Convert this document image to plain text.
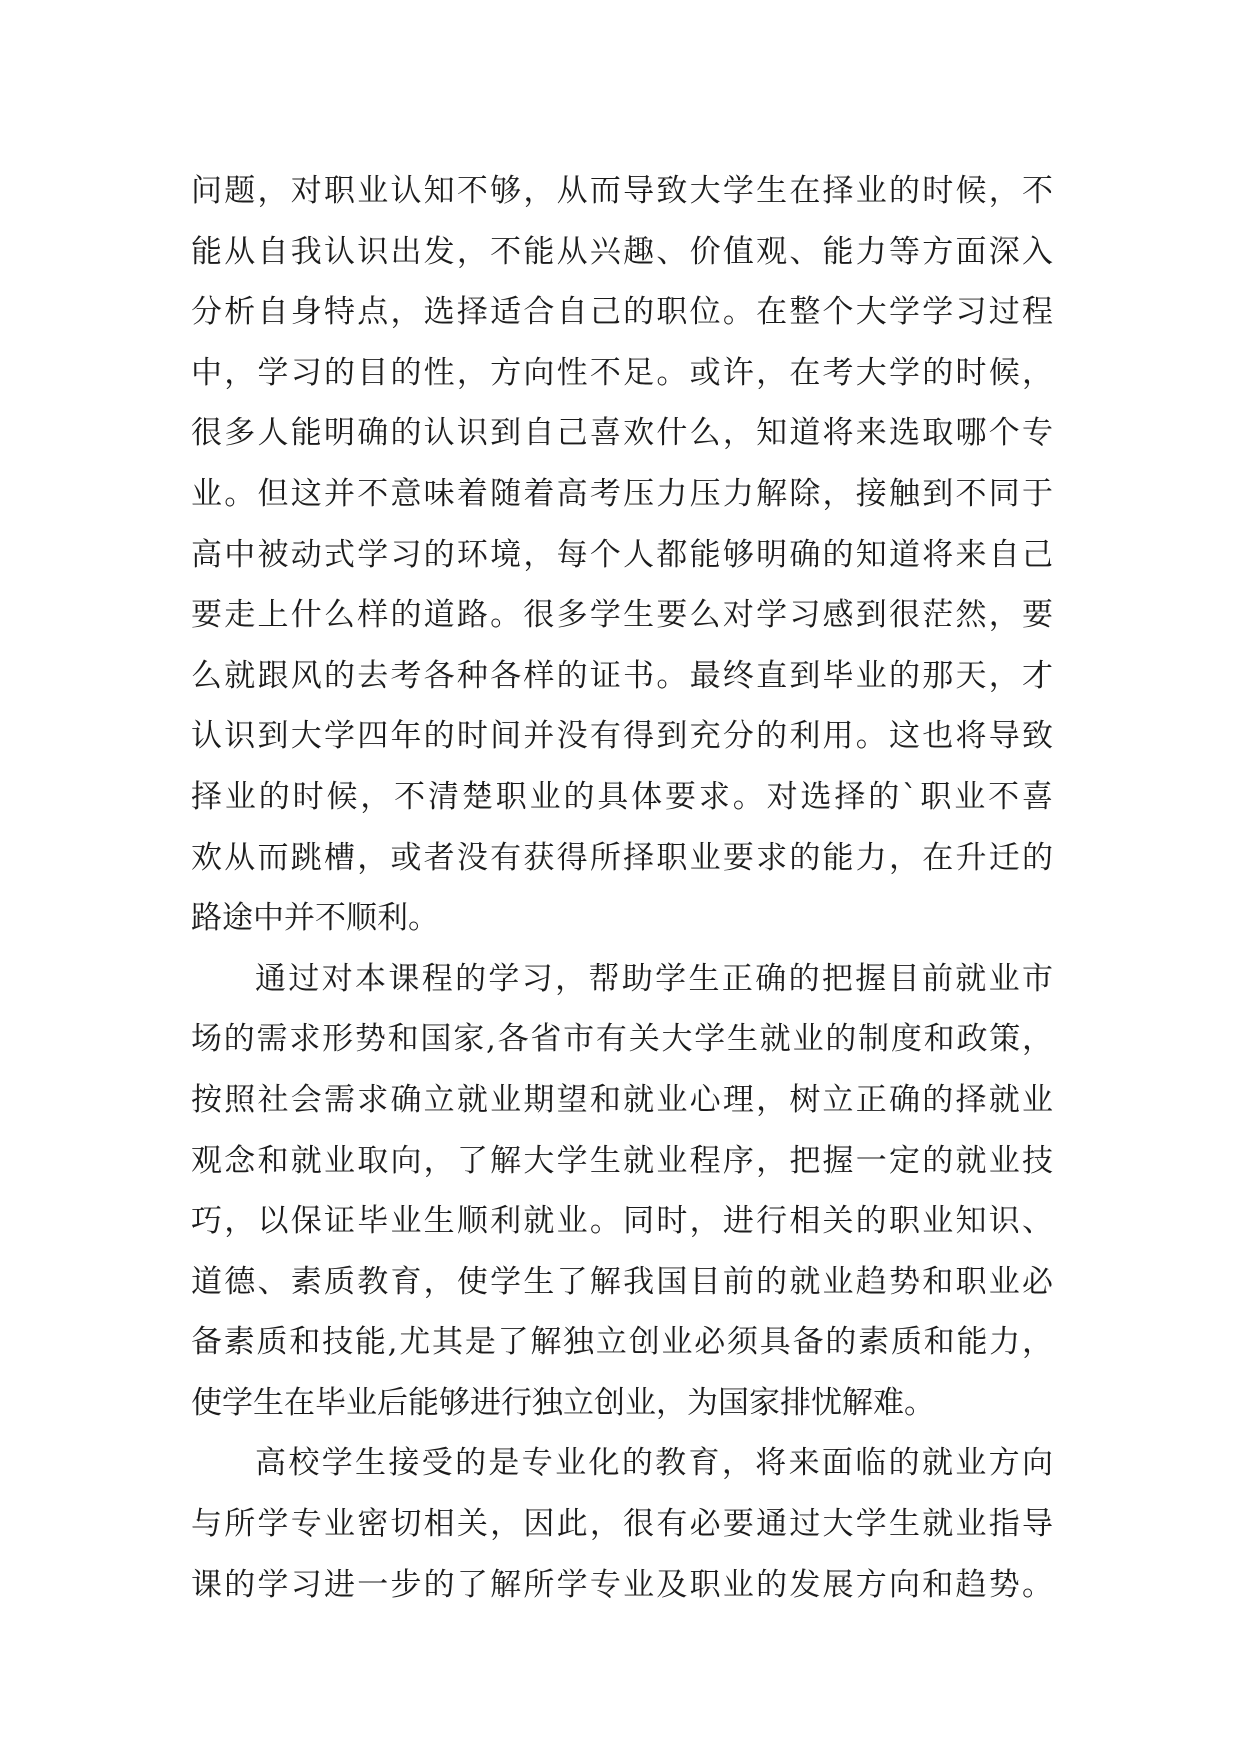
问题，对职业认知不够，从而导致大学生在择业的时候，不
能从自我认识出发，不能从兴趣、价值观、能力等方面深入
分析自身特点，选择适合自己的职位。在整个大学学习过程
中，学习的目的性，方向性不足。或许，在考大学的时候，
很多人能明确的认识到自己喜欢什么，知道将来选取哪个专
业。但这并不意味着随着高考压力压力解除，接触到不同于
高中被动式学习的环境，每个人都能够明确的知道将来自己
要走上什么样的道路。很多学生要么对学习感到很茫然，要
么就跟风的去考各种各样的证书。最终直到毕业的那天，才
认识到大学四年的时间并没有得到充分的利用。这也将导致
择业的时候，不清楚职业的具体要求。对选择的`职业不喜
欢从而跳槽，或者没有获得所择职业要求的能力，在升迁的
路途中并不顺利。
通过对本课程的学习，帮助学生正确的把握目前就业市
场的需求形势和国家,各省市有关大学生就业的制度和政策，
按照社会需求确立就业期望和就业心理，树立正确的择就业
观念和就业取向，了解大学生就业程序，把握一定的就业技
巧，以保证毕业生顺利就业。同时，进行相关的职业知识、
道德、素质教育，使学生了解我国目前的就业趋势和职业必
备素质和技能,尤其是了解独立创业必须具备的素质和能力，
使学生在毕业后能够进行独立创业，为国家排忧解难。
高校学生接受的是专业化的教育，将来面临的就业方向
与所学专业密切相关，因此，很有必要通过大学生就业指导
课的学习进一步的了解所学专业及职业的发展方向和趋势。
